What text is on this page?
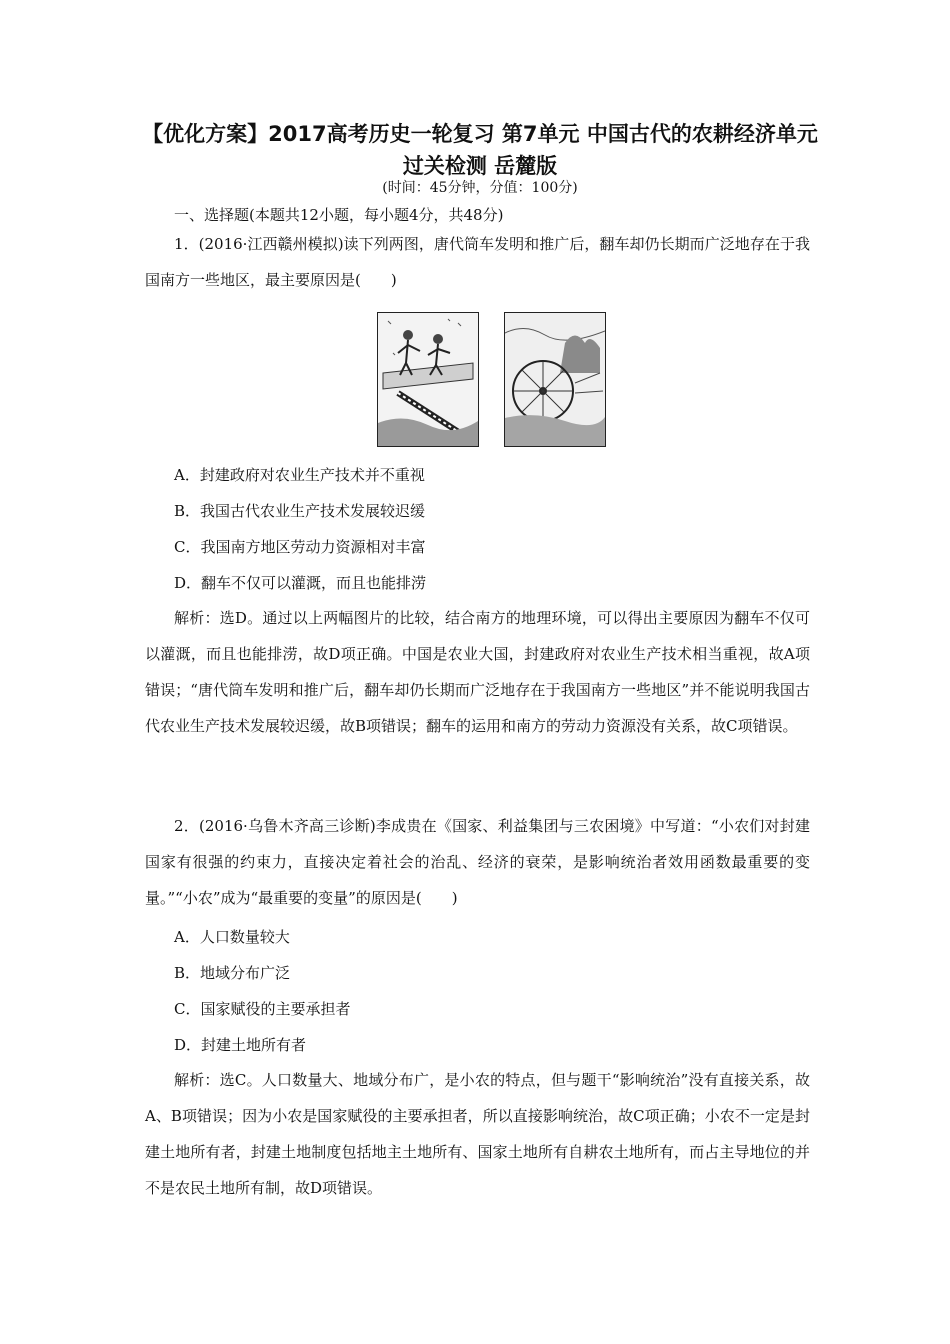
【优化方案】2017高考历史一轮复习 第7单元 中国古代的农耕经济单元过关检测 岳麓版
(时间：45分钟，分值：100分)
一、选择题(本题共12小题，每小题4分，共48分)
1．(2016·江西赣州模拟)读下列两图，唐代筒车发明和推广后，翻车却仍长期而广泛地存在于我国南方一些地区，最主要原因是(　　)
A．封建政府对农业生产技术并不重视
B．我国古代农业生产技术发展较迟缓
C．我国南方地区劳动力资源相对丰富
D．翻车不仅可以灌溉，而且也能排涝
解析：选D。通过以上两幅图片的比较，结合南方的地理环境，可以得出主要原因为翻车不仅可以灌溉，而且也能排涝，故D项正确。中国是农业大国，封建政府对农业生产技术相当重视，故A项错误；“唐代筒车发明和推广后，翻车却仍长期而广泛地存在于我国南方一些地区”并不能说明我国古代农业生产技术发展较迟缓，故B项错误；翻车的运用和南方的劳动力资源没有关系，故C项错误。
2．(2016·乌鲁木齐高三诊断)李成贵在《国家、利益集团与三农困境》中写道：“小农们对封建国家有很强的约束力，直接决定着社会的治乱、经济的衰荣，是影响统治者效用函数最重要的变量。”“小农”成为“最重要的变量”的原因是(　　)
A．人口数量较大
B．地域分布广泛
C．国家赋役的主要承担者
D．封建土地所有者
解析：选C。人口数量大、地域分布广，是小农的特点，但与题干“影响统治”没有直接关系，故A、B项错误；因为小农是国家赋役的主要承担者，所以直接影响统治，故C项正确；小农不一定是封建土地所有者，封建土地制度包括地主土地所有、国家土地所有自耕农土地所有，而占主导地位的并不是农民土地所有制，故D项错误。
